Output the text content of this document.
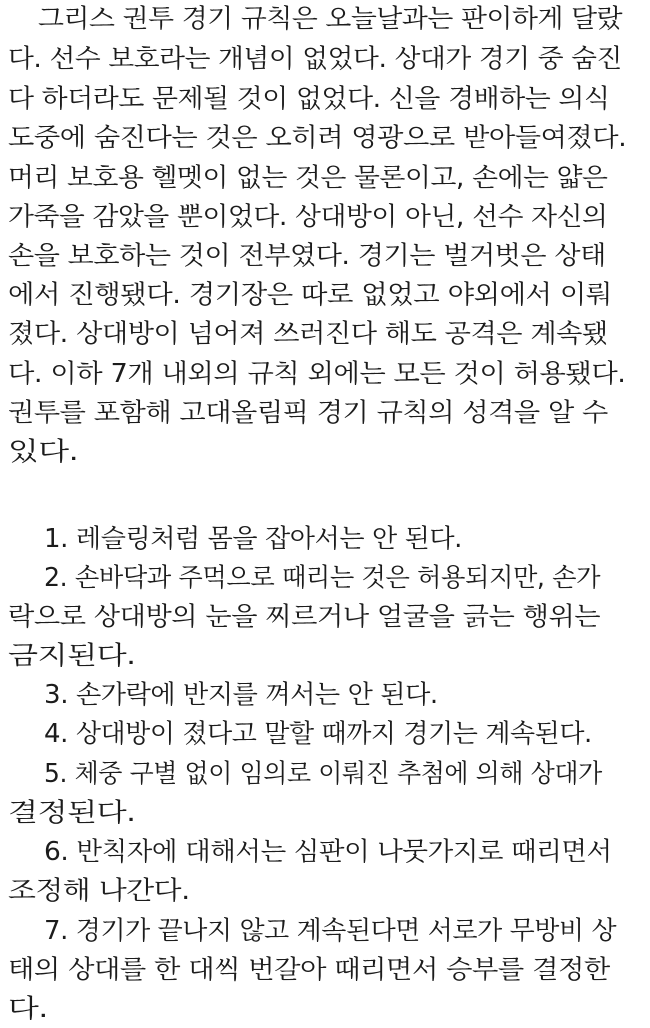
그리스 권투 경기 규칙은 오늘날과는 판이하게 달랐
다. 선수 보호라는 개념이 없었다. 상대가 경기 중 숨진
다 하더라도 문제될 것이 없었다. 신을 경배하는 의식
도중에 숨진다는 것은 오히려 영광으로 받아들여졌다.
머리 보호용 헬멧이 없는 것은 물론이고, 손에는 얇은
가죽을 감았을 뿐이었다. 상대방이 아닌, 선수 자신의
손을 보호하는 것이 전부였다. 경기는 벌거벗은 상태
에서 진행됐다. 경기장은 따로 없었고 야외에서 이뤄
졌다. 상대방이 넘어져 쓰러진다 해도 공격은 계속됐
다. 이하 7개 내외의 규칙 외에는 모든 것이 허용됐다.
권투를 포함해 고대올림픽 경기 규칙의 성격을 알 수
있다.
1. 레슬링처럼 몸을 잡아서는 안 된다.
2. 손바닥과 주먹으로 때리는 것은 허용되지만, 손가
락으로 상대방의 눈을 찌르거나 얼굴을 긁는 행위는
금지된다.
3. 손가락에 반지를 껴서는 안 된다.
4. 상대방이 졌다고 말할 때까지 경기는 계속된다.
5. 체중 구별 없이 임의로 이뤄진 추첨에 의해 상대가
결정된다.
6. 반칙자에 대해서는 심판이 나뭇가지로 때리면서
조정해 나간다.
7. 경기가 끝나지 않고 계속된다면 서로가 무방비 상
태의 상대를 한 대씩 번갈아 때리면서 승부를 결정한
다.
